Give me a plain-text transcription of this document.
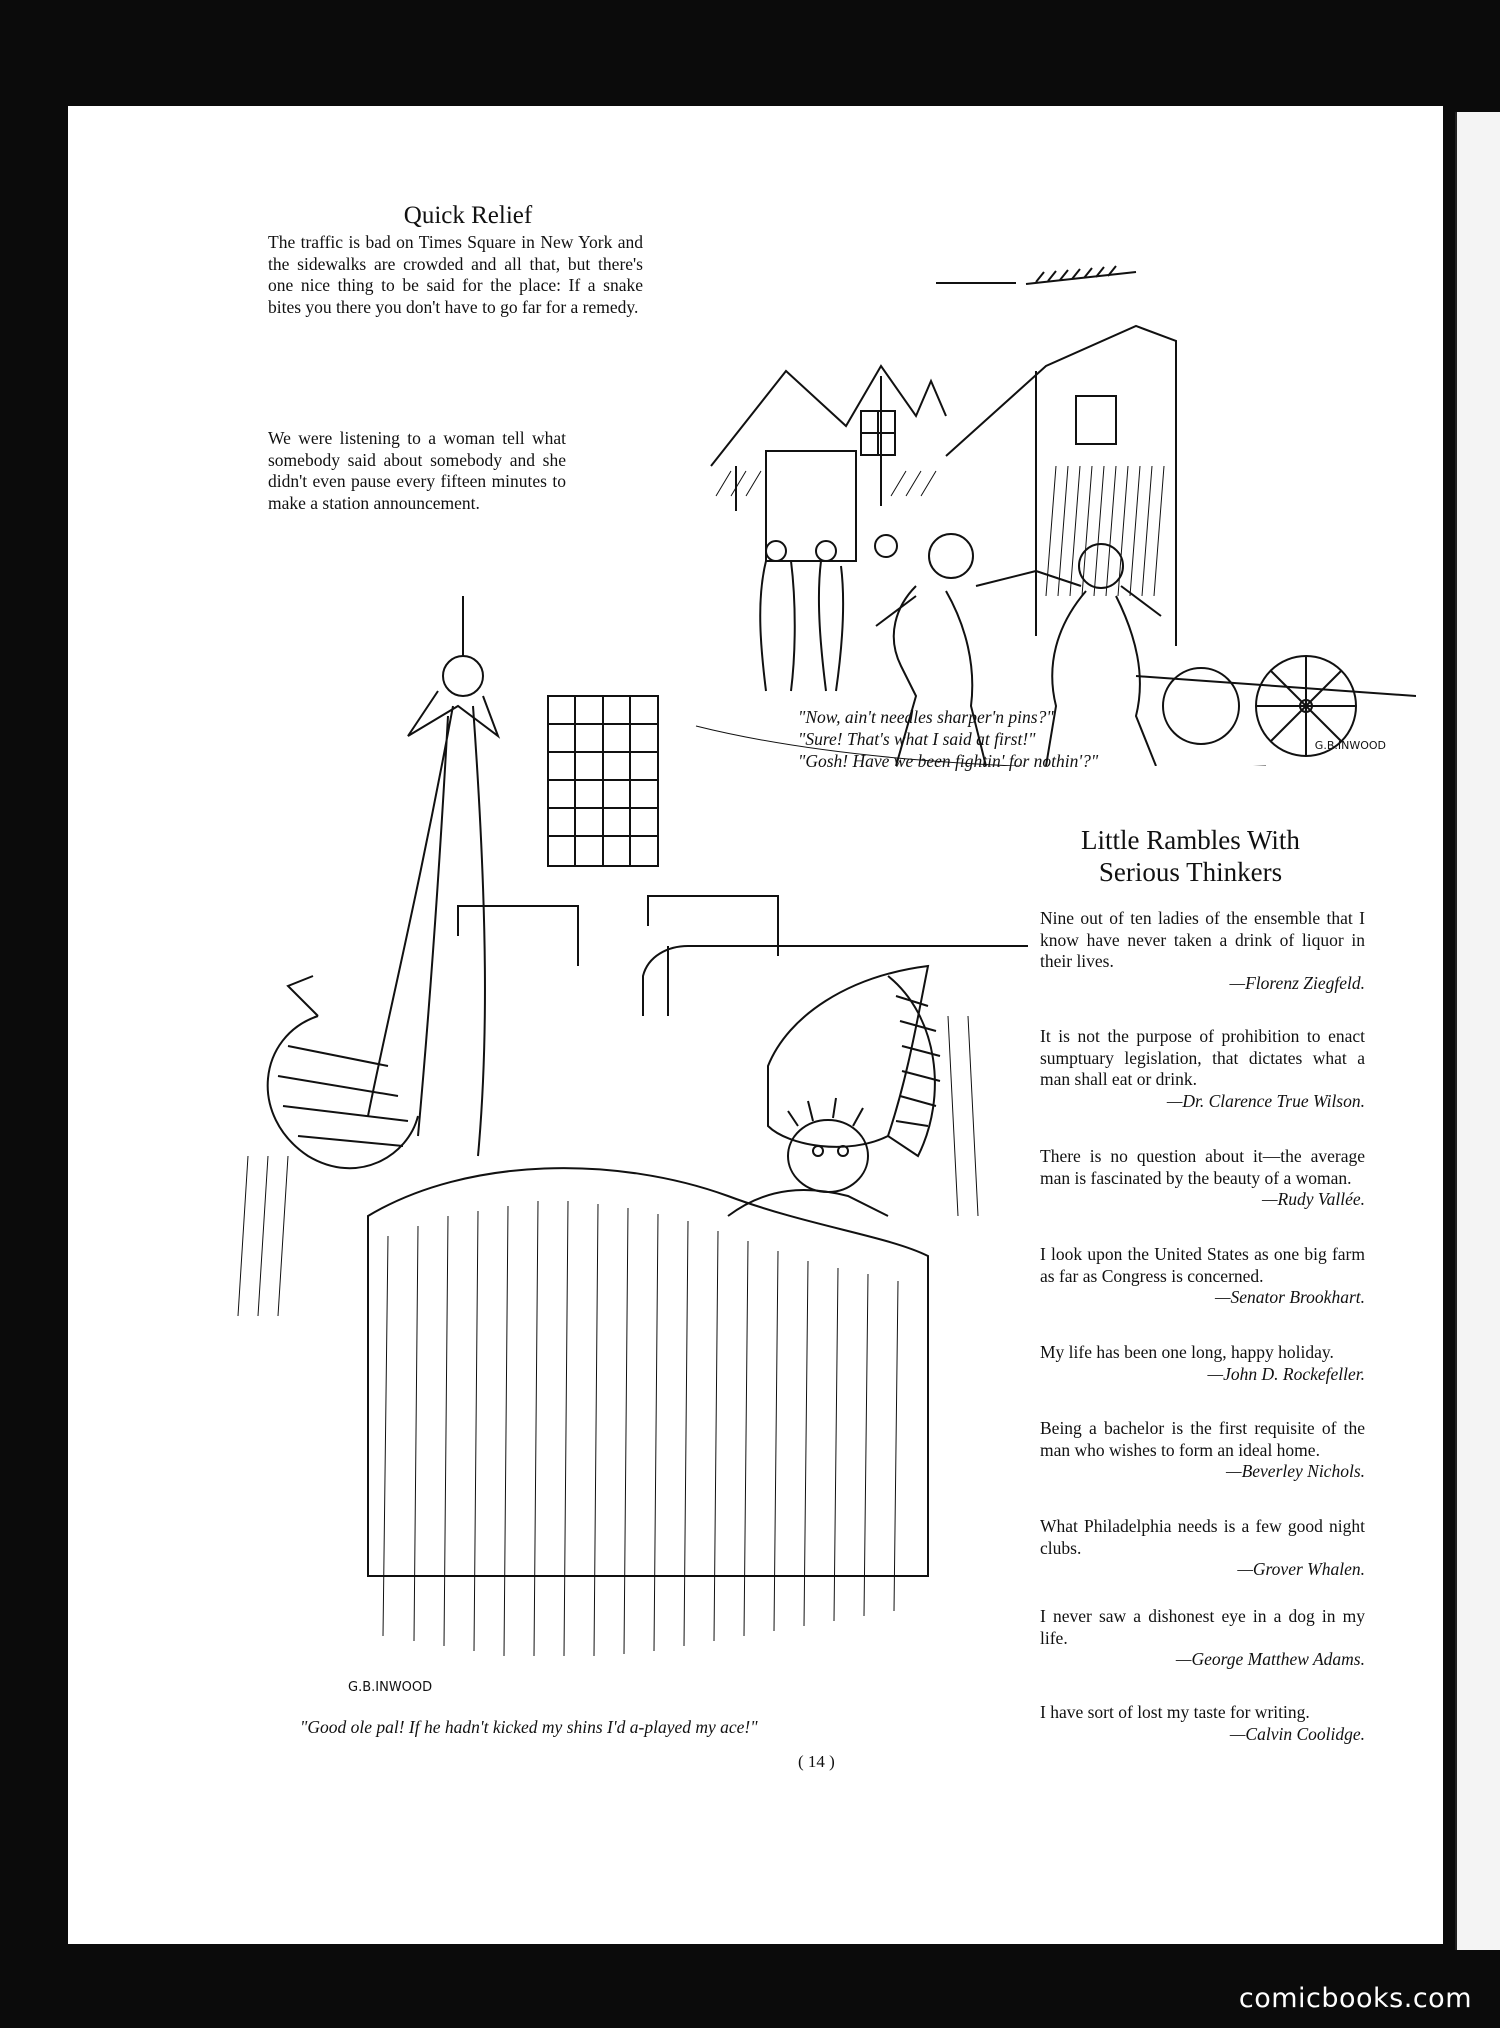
Quick Relief
The traffic is bad on Times Square in New York and the sidewalks are crowded and all that, but there's one nice thing to be said for the place: If a snake bites you there you don't have to go far for a remedy.
We were listening to a woman tell what somebody said about somebody and she didn't even pause every fifteen minutes to make a station announcement.
G.B.INWOOD
"Now, ain't needles sharper'n pins?"
"Sure! That's what I said at first!"
"Gosh! Have we been fightin' for nothin'?"
G.B.INWOOD
"Good ole pal! If he hadn't kicked my shins I'd a-played my ace!"
Little Rambles With
Serious Thinkers
Nine out of ten ladies of the ensemble that I know have never taken a drink of liquor in their lives.
—Florenz Ziegfeld.
It is not the purpose of prohibition to enact sumptuary legislation, that dictates what a man shall eat or drink.
—Dr. Clarence True Wilson.
There is no question about it—the average man is fascinated by the beauty of a woman.
—Rudy Vallée.
I look upon the United States as one big farm as far as Congress is concerned.
—Senator Brookhart.
My life has been one long, happy holiday.
—John D. Rockefeller.
Being a bachelor is the first requisite of the man who wishes to form an ideal home.
—Beverley Nichols.
What Philadelphia needs is a few good night clubs.
—Grover Whalen.
I never saw a dishonest eye in a dog in my life.
—George Matthew Adams.
I have sort of lost my taste for writing.
—Calvin Coolidge.
( 14 )
comicbooks.com
